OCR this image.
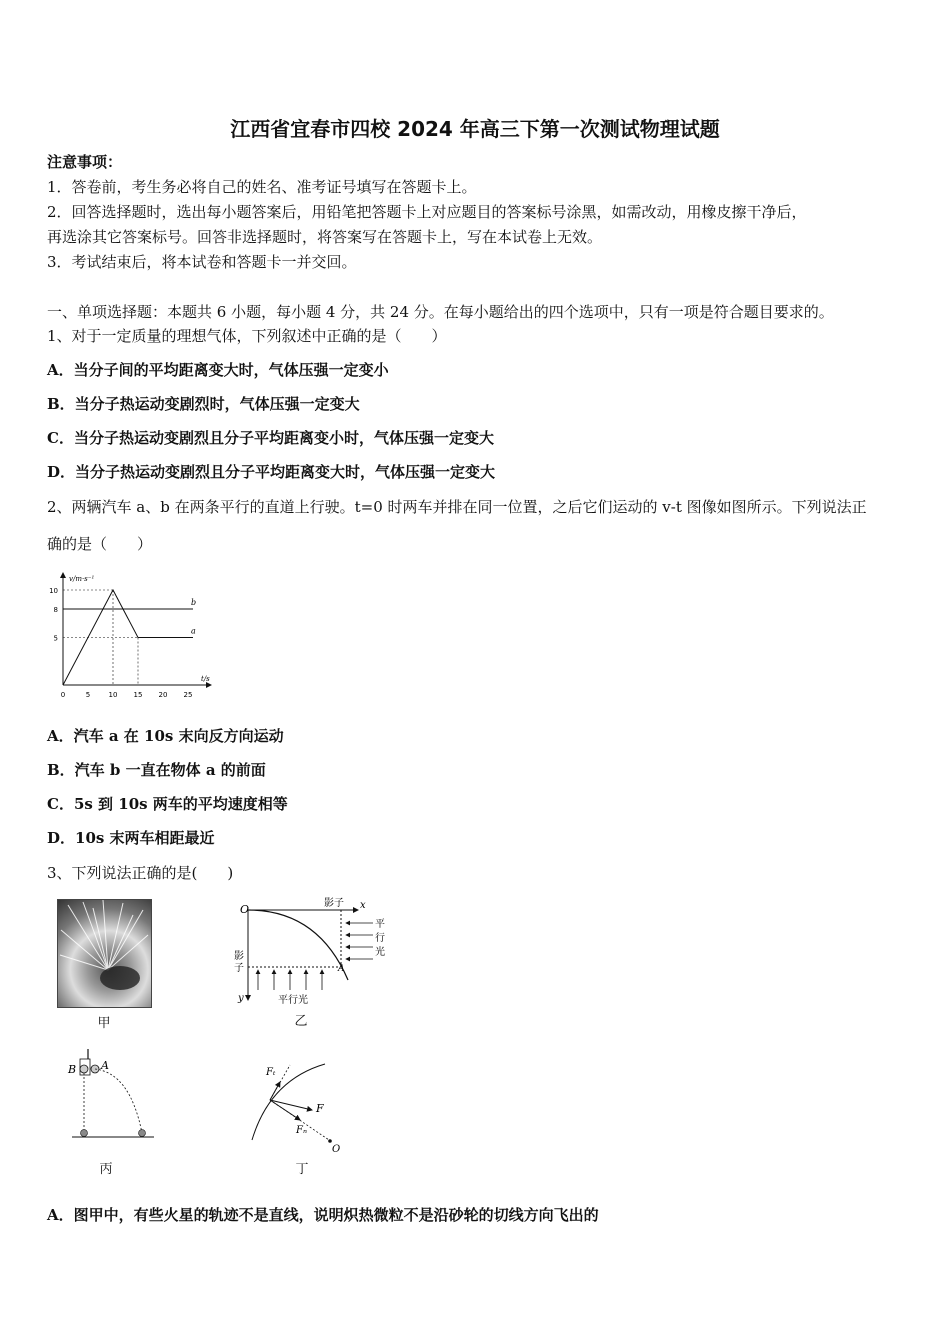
江西省宜春市四校 2024 年高三下第一次测试物理试题
注意事项：
1．答卷前，考生务必将自己的姓名、准考证号填写在答题卡上。
2．回答选择题时，选出每小题答案后，用铅笔把答题卡上对应题目的答案标号涂黑，如需改动，用橡皮擦干净后，
再选涂其它答案标号。回答非选择题时，将答案写在答题卡上，写在本试卷上无效。
3．考试结束后，将本试卷和答题卡一并交回。
一、单项选择题：本题共 6 小题，每小题 4 分，共 24 分。在每小题给出的四个选项中，只有一项是符合题目要求的。
1、对于一定质量的理想气体，下列叙述中正确的是（　　）
A．当分子间的平均距离变大时，气体压强一定变小
B．当分子热运动变剧烈时，气体压强一定变大
C．当分子热运动变剧烈且分子平均距离变小时，气体压强一定变大
D．当分子热运动变剧烈且分子平均距离变大时，气体压强一定变大
2、两辆汽车 a、b 在两条平行的直道上行驶。t=0 时两车并排在同一位置，之后它们运动的 v-t 图像如图所示。下列说法正
确的是（　　）
v/m·s⁻¹
t/s
0	5	10 15 20 25
5
8
10
a
b
A．汽车 a 在 10s 末向反方向运动
B．汽车 b 一直在物体 a 的前面
C．5s 到 10s 两车的平均速度相等
D．10s 末两车相距最近
3、下列说法正确的是(　　)
甲
O	影子 x
平
行
光
影
子
y
A
平行光
乙
B A
丙
Fₜ
F
Fₙ
O
丁
A．图甲中，有些火星的轨迹不是直线，说明炽热微粒不是沿砂轮的切线方向飞出的
